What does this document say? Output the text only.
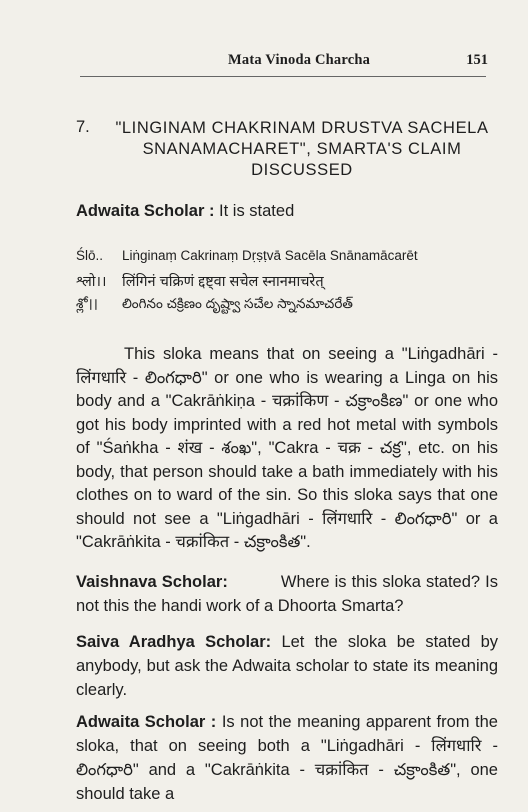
Mata Vinoda Charcha	151
7.	"LINGINAM CHAKRINAM DRUSTVA SACHELA SNANAMACHARET", SMARTA'S CLAIM DISCUSSED
Adwaita Scholar : It is stated
Ślō.. Liṅginaṃ Cakrinaṃ Dṛṣṭvā Sacēla Snānamācarēt
श्लो।। लिंगिनं चक्रिणं द्दष्ट्वा सचेल स्नानमाचरेत्
శ్లో।। లింగినం చక్రిణం దృష్ట్వా సచేల స్నానమాచరేత్
This sloka means that on seeing a "Liṅgadhāri - लिंगधारि - లింగధారి" or one who is wearing a Linga on his body and a "Cakrāṅkiṇa - चक्रांकिण - చక్రాంకిణ" or one who got his body imprinted with a red hot metal with symbols of "Śaṅkha - शंख - శంఖ", "Cakra - चक्र - చక్ర", etc. on his body, that person should take a bath immediately with his clothes on to ward of the sin. So this sloka says that one should not see a "Liṅgadhāri - लिंगधारि - లింగధారి" or a "Cakrāṅkita - चक्रांकित - చక్రాంకిత".
Vaishnava Scholar:	Where is this sloka stated? Is not this the handi work of a Dhoorta Smarta?
Saiva Aradhya Scholar: Let the sloka be stated by anybody, but ask the Adwaita scholar to state its meaning clearly.
Adwaita Scholar : Is not the meaning apparent from the sloka, that on seeing both a "Liṅgadhāri - लिंगधारि - లింగధారి" and a "Cakrāṅkita - चक्रांकित - చక్రాంకిత", one should take a
